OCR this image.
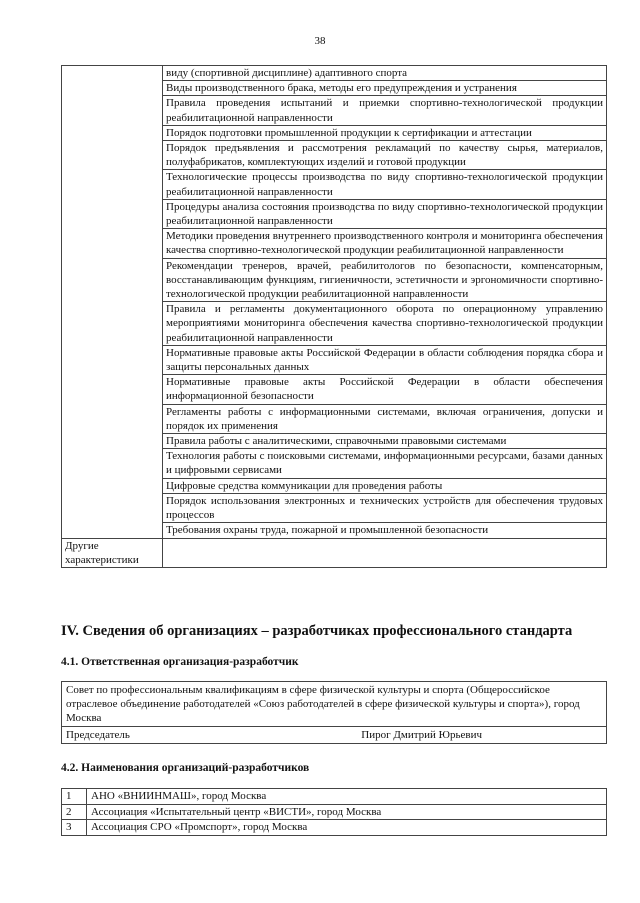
38
	виду (спортивной дисциплине) адаптивного спорта
	Виды производственного брака, методы его предупреждения и устранения
	Правила проведения испытаний и приемки спортивно-технологической продукции реабилитационной направленности
	Порядок подготовки промышленной продукции к сертификации и аттестации
	Порядок предъявления и рассмотрения рекламаций по качеству сырья, материалов, полуфабрикатов, комплектующих изделий и готовой продукции
	Технологические процессы производства по виду спортивно-технологической продукции реабилитационной направленности
	Процедуры анализа состояния производства по виду спортивно-технологической продукции реабилитационной направленности
	Методики проведения внутреннего производственного контроля и мониторинга обеспечения качества спортивно-технологической продукции реабилитационной направленности
	Рекомендации тренеров, врачей, реабилитологов по безопасности, компенсаторным, восстанавливающим функциям, гигиеничности, эстетичности и эргономичности спортивно-технологической продукции реабилитационной направленности
	Правила и регламенты документационного оборота по операционному управлению мероприятиями мониторинга обеспечения качества спортивно-технологической продукции реабилитационной направленности
	Нормативные правовые акты Российской Федерации в области соблюдения порядка сбора и защиты персональных данных
	Нормативные правовые акты Российской Федерации в области обеспечения информационной безопасности
	Регламенты работы с информационными системами, включая ограничения, допуски и порядок их применения
	Правила работы с аналитическими, справочными правовыми системами
	Технология работы с поисковыми системами, информационными ресурсами, базами данных и цифровыми сервисами
	Цифровые средства коммуникации для проведения работы
	Порядок использования электронных и технических устройств для обеспечения трудовых процессов
	Требования охраны труда, пожарной и промышленной безопасности
Другие характеристики	
IV. Сведения об организациях – разработчиках профессионального стандарта
4.1. Ответственная организация-разработчик
Совет по профессиональным квалификациям в сфере физической культуры и спорта (Общероссийское отраслевое объединение работодателей «Союз работодателей в сфере физической культуры и спорта»), город Москва

Председатель	Пирог Дмитрий Юрьевич
4.2. Наименования организаций-разработчиков
1	АНО «ВНИИНМАШ», город Москва
2	Ассоциация «Испытательный центр «ВИСТИ», город Москва
3	Ассоциация СРО «Промспорт», город Москва
